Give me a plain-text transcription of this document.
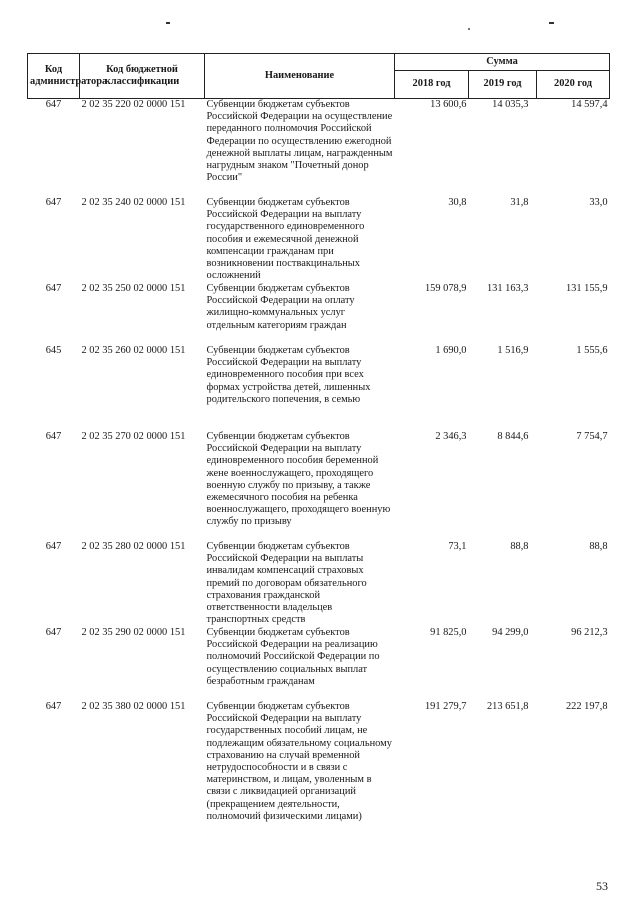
Код администратора	Код бюджетной классификации	Наименование	Сумма		
			2018 год	2019 год	2020 год
647	2 02 35 220 02 0000 151	Субвенции бюджетам субъектов Российской Федерации на осуществление переданного полномочия Российской Федерации по осуществлению ежегодной денежной выплаты лицам, награжденным нагрудным знаком "Почетный донор России"	13 600,6	14 035,3	14 597,4
647	2 02 35 240 02 0000 151	Субвенции бюджетам субъектов Российской Федерации на выплату государственного единовременного пособия и ежемесячной денежной компенсации гражданам при возникновении поствакцинальных осложнений	30,8	31,8	33,0
647	2 02 35 250 02 0000 151	Субвенции бюджетам субъектов Российской Федерации на оплату жилищно-коммунальных услуг отдельным категориям граждан	159 078,9	131 163,3	131 155,9
645	2 02 35 260 02 0000 151	Субвенции бюджетам субъектов Российской Федерации на выплату единовременного пособия при всех формах устройства детей, лишенных родительского попечения, в семью	1 690,0	1 516,9	1 555,6
647	2 02 35 270 02 0000 151	Субвенции бюджетам субъектов Российской Федерации на выплату единовременного пособия беременной жене военнослужащего, проходящего военную службу по призыву, а также ежемесячного пособия на ребенка военнослужащего, проходящего военную службу по призыву	2 346,3	8 844,6	7 754,7
647	2 02 35 280 02 0000 151	Субвенции бюджетам субъектов Российской Федерации на выплаты инвалидам компенсаций страховых премий по договорам обязательного страхования гражданской ответственности владельцев транспортных средств	73,1	88,8	88,8
647	2 02 35 290 02 0000 151	Субвенции бюджетам субъектов Российской Федерации на реализацию полномочий Российской Федерации по осуществлению социальных выплат безработным гражданам	91 825,0	94 299,0	96 212,3
647	2 02 35 380 02 0000 151	Субвенции бюджетам субъектов Российской Федерации на выплату государственных пособий лицам, не подлежащим обязательному социальному страхованию на случай временной нетрудоспособности и в связи с материнством, и лицам, уволенным в связи с ликвидацией организаций (прекращением деятельности, полномочий физическими лицами)	191 279,7	213 651,8	222 197,8
53
